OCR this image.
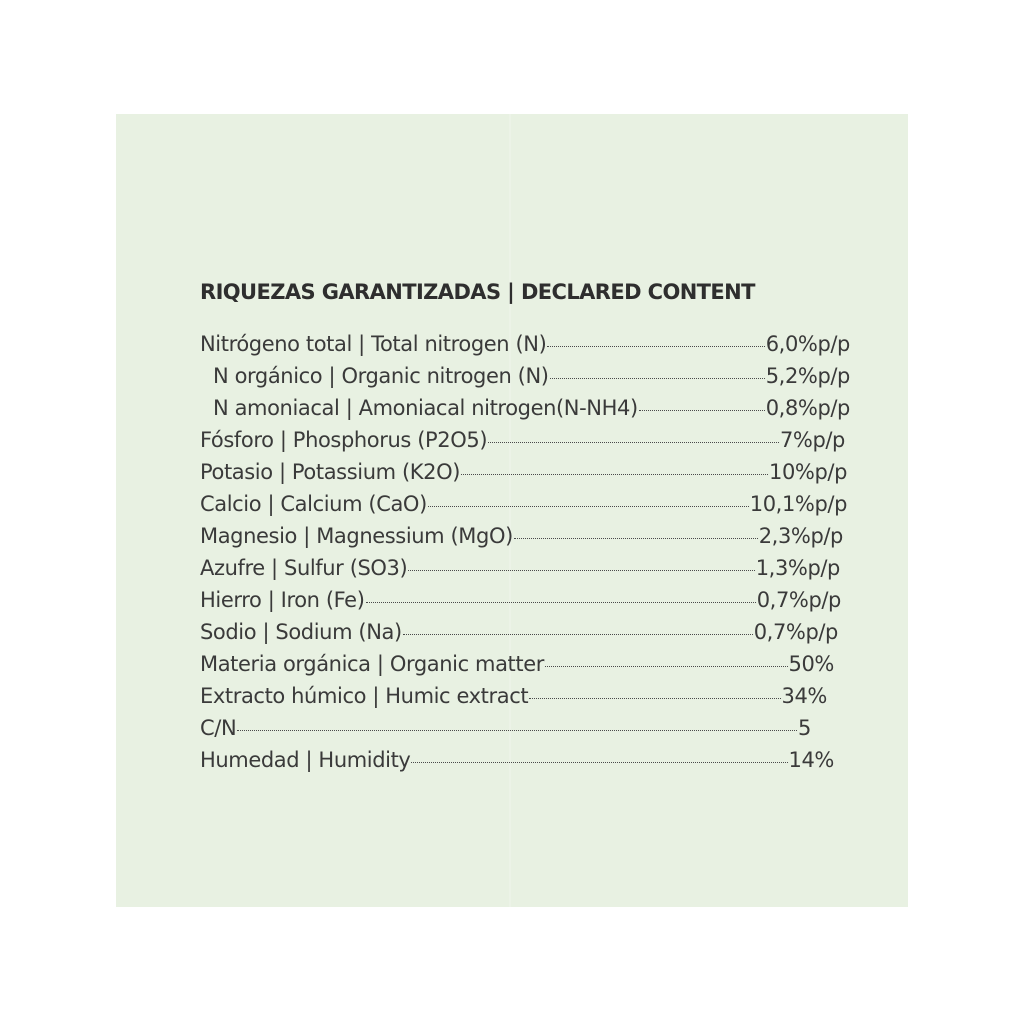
RIQUEZAS GARANTIZADAS | DECLARED CONTENT
Nitrógeno total | Total nitrogen (N)	6,0%p/p
N orgánico | Organic nitrogen (N)	5,2%p/p
N amoniacal | Amoniacal nitrogen(N-NH4)	0,8%p/p
Fósforo | Phosphorus (P2O5)	7%p/p
Potasio | Potassium (K2O)	10%p/p
Calcio | Calcium (CaO)	10,1%p/p
Magnesio | Magnessium (MgO)	2,3%p/p
Azufre | Sulfur (SO3)	1,3%p/p
Hierro | Iron (Fe)	0,7%p/p
Sodio | Sodium (Na)	0,7%p/p
Materia orgánica | Organic matter	50%
Extracto húmico | Humic extract	34%
C/N	5
Humedad | Humidity	14%
